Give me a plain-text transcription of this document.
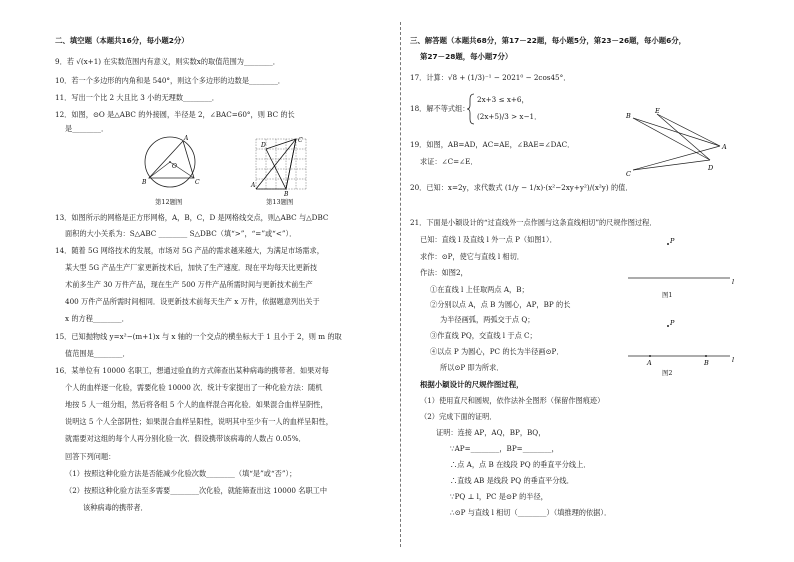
二、填空题（本题共16分，每小题2分）
9．若 √(x+1) 在实数范围内有意义，则实数x的取值范围为________．
10．若一个多边形的内角和是 540°，则这个多边形的边数是________．
11．写出一个比 2 大且比 3 小的无理数________．
12．如图，⊙O 是△ABC 的外接圆，半径是 2，∠BAC=60°，则 BC 的长
是________．
A
B	C
O
第12题图
A
D
C
B
第13题图
13．如图所示的网格是正方形网格，A，B，C，D 是网格线交点，则△ABC 与△DBC
面积的大小关系为：S△ABC ________ S△DBC（填“>”，“=”或“<”）．
14．随着 5G 网络技术的发展，市场对 5G 产品的需求越来越大，为满足市场需求，
某大型 5G 产品生产厂家更新技术后，加快了生产速度．现在平均每天比更新技
术前多生产 30 万件产品，现在生产 500 万件产品所需时间与更新技术前生产
400 万件产品所需时间相同．设更新技术前每天生产 x 万件，依据题意列出关于
x 的方程________．
15．已知抛物线 y=x²−(m+1)x 与 x 轴的一个交点的横坐标大于 1 且小于 2，则 m 的取
值范围是________．
16．某单位有 10000 名职工，想通过验血的方式筛查出某种病毒的携带者．如果对每
个人的血样逐一化验，需要化验 10000 次．统计专家提出了一种化验方法：随机
地按 5 人一组分组，然后将各组 5 个人的血样混合再化验．如果混合血样呈阴性，
说明这 5 个人全部阴性；如果混合血样呈阳性，说明其中至少有一人的血样呈阳性，
就需要对这组的每个人再分别化验一次．假设携带该病毒的人数占 0.05%．
回答下列问题：
（1）按照这种化验方法是否能减少化验次数________（填“是”或“否”）；
（2）按照这种化验方法至多需要________次化验，就能筛查出这 10000 名职工中
该种病毒的携带者．
三、解答题（本题共68分，第17－22题，每小题5分，第23－26题，每小题6分，
第27－28题，每小题7分）
17．计算：√8 + (1/3)⁻¹ − 2021⁰ − 2cos45°．
18．解不等式组：
2x+3 ≤ x+6，
(2x+5)/3 > x−1．
19．如图，AB=AD，AC=AE，∠BAE=∠DAC．
求证：∠C=∠E．
B
E
A
D
C
20．已知：x=2y，求代数式 (1/y − 1/x)·(x²−2xy+y²)/(x²y) 的值．
21．下面是小颖设计的“过直线外一点作圆与这条直线相切”的尺规作图过程．
已知：直线 l 及直线 l 外一点 P（如图1）．
求作：⊙P，使它与直线 l 相切．
作法：如图2，
①在直线 l 上任取两点 A，B；
②分别以点 A，点 B 为圆心，AP，BP 的长
为半径画弧，两弧交于点 Q；
③作直线 PQ，交直线 l 于点 C；
④以点 P 为圆心，PC 的长为半径画⊙P．
所以⊙P 即为所求．
P
l
图1
P
A	B	l
图2
根据小颖设计的尺规作图过程，
（1）使用直尺和圆规，依作法补全图形（保留作图痕迹）
（2）完成下面的证明．
证明：连接 AP，AQ，BP，BQ，
∵AP=________，BP=________，
∴点 A，点 B 在线段 PQ 的垂直平分线上．
∴直线 AB 是线段 PQ 的垂直平分线．
∵PQ ⊥ l，PC 是⊙P 的半径，
∴⊙P 与直线 l 相切（________）（填推理的依据）．
